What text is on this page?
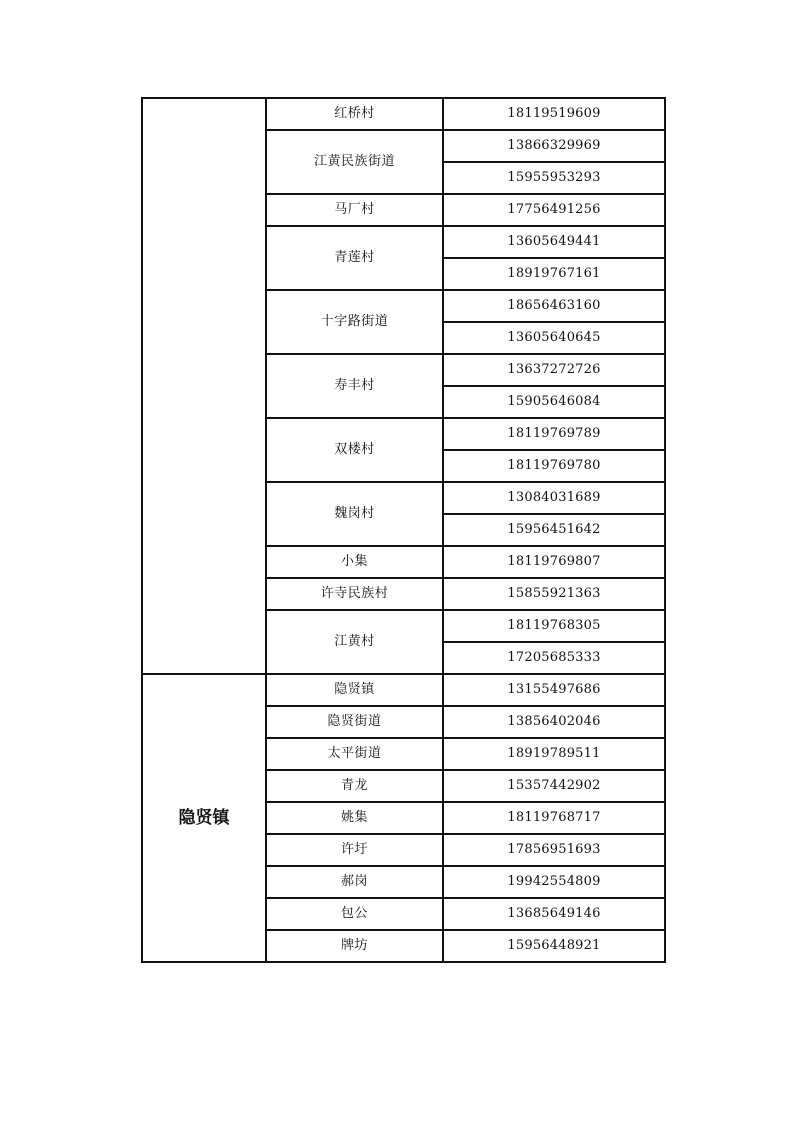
	红桥村	18119519609
	江黄民族街道	13866329969
		15955953293
	马厂村	17756491256
	青莲村	13605649441
		18919767161
	十字路街道	18656463160
		13605640645
	寿丰村	13637272726
		15905646084
	双楼村	18119769789
		18119769780
	魏岗村	13084031689
		15956451642
	小集	18119769807
	许寺民族村	15855921363
	江黄村	18119768305
		17205685333
隐贤镇	隐贤镇	13155497686
	隐贤街道	13856402046
	太平街道	18919789511
	青龙	15357442902
	姚集	18119768717
	许圩	17856951693
	郝岗	19942554809
	包公	13685649146
	牌坊	15956448921
